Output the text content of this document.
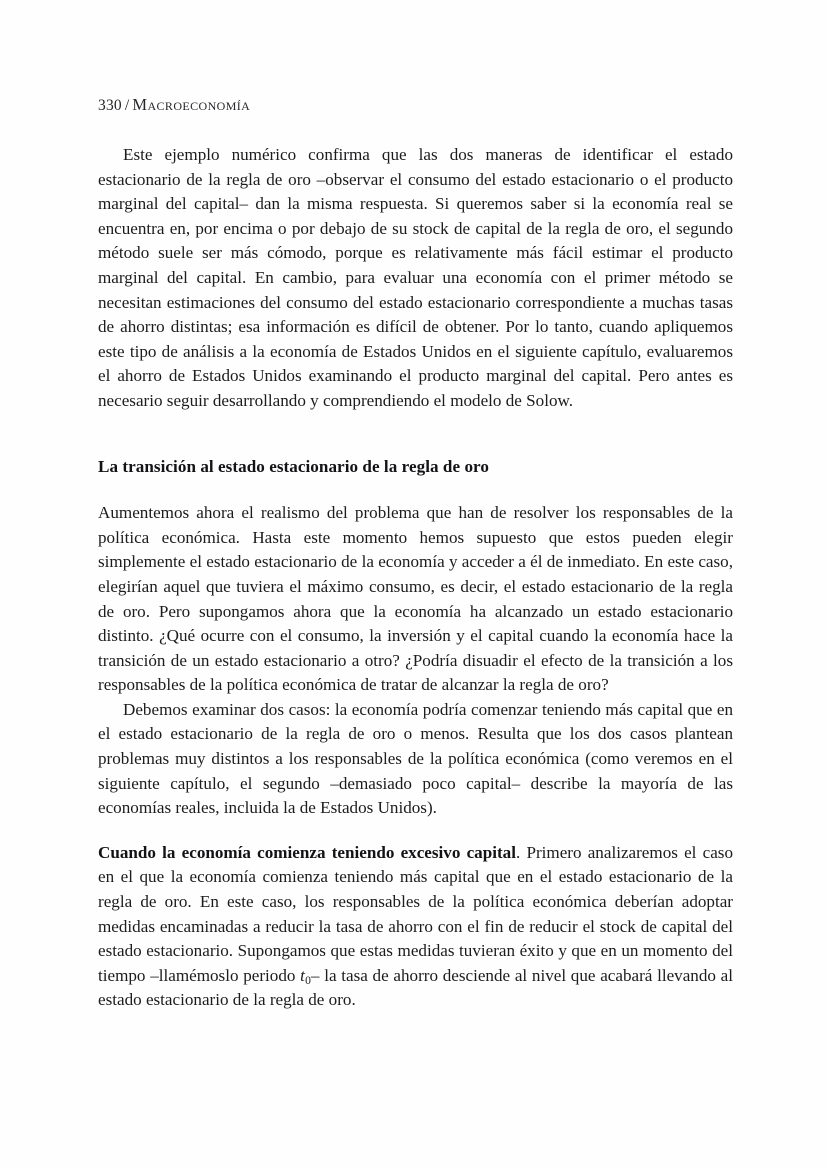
330 / Macroeconomía

Este ejemplo numérico confirma que las dos maneras de identificar el estado estacionario de la regla de oro –observar el consumo del estado estacionario o el producto marginal del capital– dan la misma respuesta. Si queremos saber si la economía real se encuentra en, por encima o por debajo de su stock de capital de la regla de oro, el segundo método suele ser más cómodo, porque es relativamente más fácil estimar el producto marginal del capital. En cambio, para evaluar una economía con el primer método se necesitan estimaciones del consumo del estado estacionario correspondiente a muchas tasas de ahorro distintas; esa información es difícil de obtener. Por lo tanto, cuando apliquemos este tipo de análisis a la economía de Estados Unidos en el siguiente capítulo, evaluaremos el ahorro de Estados Unidos examinando el producto marginal del capital. Pero antes es necesario seguir desarrollando y comprendiendo el modelo de Solow.

La transición al estado estacionario de la regla de oro

Aumentemos ahora el realismo del problema que han de resolver los responsables de la política económica. Hasta este momento hemos supuesto que estos pueden elegir simplemente el estado estacionario de la economía y acceder a él de inmediato. En este caso, elegirían aquel que tuviera el máximo consumo, es decir, el estado estacionario de la regla de oro. Pero supongamos ahora que la economía ha alcanzado un estado estacionario distinto. ¿Qué ocurre con el consumo, la inversión y el capital cuando la economía hace la transición de un estado estacionario a otro? ¿Podría disuadir el efecto de la transición a los responsables de la política económica de tratar de alcanzar la regla de oro?

Debemos examinar dos casos: la economía podría comenzar teniendo más capital que en el estado estacionario de la regla de oro o menos. Resulta que los dos casos plantean problemas muy distintos a los responsables de la política económica (como veremos en el siguiente capítulo, el segundo –demasiado poco capital– describe la mayoría de las economías reales, incluida la de Estados Unidos).

Cuando la economía comienza teniendo excesivo capital. Primero analizaremos el caso en el que la economía comienza teniendo más capital que en el estado estacionario de la regla de oro. En este caso, los responsables de la política económica deberían adoptar medidas encaminadas a reducir la tasa de ahorro con el fin de reducir el stock de capital del estado estacionario. Supongamos que estas medidas tuvieran éxito y que en un momento del tiempo –llamémoslo periodo $t_0-$ la tasa de ahorro desciende al nivel que acabará llevando al estado estacionario de la regla de oro.
